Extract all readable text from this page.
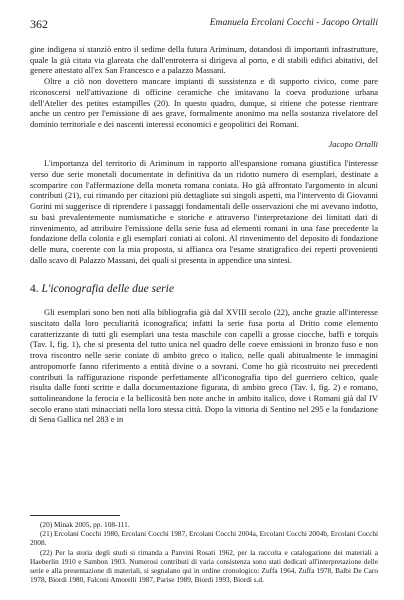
362	Emanuela Ercolani Cocchi - Jacopo Ortalli

gine indigena si stanziò entro il sedime della futura Ariminum, dotandosi di importanti infrastrutture, quale la già citata via glareata che dall'entroterra si dirigeva al porto, e di stabili edifici abitativi, del genere attestato all'ex San Francesco e a palazzo Massani.

Oltre a ciò non dovettero mancare impianti di sussistenza e di supporto civico, come pare riconoscersi nell'attivazione di officine ceramiche che imitavano la coeva produzione urbana dell'Atelier des petites estampilles (20). In questo quadro, dunque, si ritiene che potesse rientrare anche un centro per l'emissione di aes grave, formalmente anonimo ma nella sostanza rivelatore del dominio territoriale e dei nascenti interessi economici e geopolitici dei Romani.

Jacopo Ortalli

L'importanza del territorio di Ariminum in rapporto all'espansione romana giustifica l'interesse verso due serie monetali documentate in definitiva da un ridotto numero di esemplari, destinate a scomparire con l'affermazione della moneta romana coniata. Ho già affrontato l'argomento in alcuni contributi (21), cui rimando per citazioni più dettagliate sui singoli aspetti, ma l'intervento di Giovanni Gorini mi suggerisce di riprendere i passaggi fondamentali delle osservazioni che mi avevano indotto, su basi prevalentemente numismatiche e storiche e attraverso l'interpretazione dei limitati dati di rinvenimento, ad attribuire l'emissione della serie fusa ad elementi romani in una fase precedente la fondazione della colonia e gli esemplari coniati ai coloni. Al rinvenimento del deposito di fondazione delle mura, coerente con la mia proposta, si affianca ora l'esame stratigrafico dei reperti provenienti dallo scavo di Palazzo Massani, dei quali si presenta in appendice una sintesi.

4. L'iconografia delle due serie

Gli esemplari sono ben noti alla bibliografia già dal XVIII secolo (22), anche grazie all'interesse suscitato dalla loro peculiarità iconografica; infatti la serie fusa porta al Dritto come elemento caratterizzante di tutti gli esemplari una testa maschile con capelli a grosse ciocche, baffi e torquis (Tav. I, fig. 1), che si presenta del tutto unica nel quadro delle coeve emissioni in bronzo fuso e non trova riscontro nelle serie coniate di ambito greco o italico, nelle quali abitualmente le immagini antropomorfe fanno riferimento a entità divine o a sovrani. Come ho già ricostruito nei precedenti contributi la raffigurazione risponde perfettamente all'iconografia tipo del guerriero celtico, quale risulta dalle fonti scritte e dalla documentazione figurata, di ambito greco (Tav. I, fig. 2) e romano, sottolineandone la ferocia e la bellicosità ben note anche in ambito italico, dove i Romani già dal IV secolo erano stati minacciati nella loro stessa città. Dopo la vittoria di Sentino nel 295 e la fondazione di Sena Gallica nel 283 e in

(20) Minak 2005, pp. 108-111.

(21) Ercolani Cocchi 1980, Ercolani Cocchi 1987, Ercolani Cocchi 2004a, Ercolani Cocchi 2004b, Ercolani Cocchi 2008.

(22) Per la storia degli studi si rimanda a Panvini Rosati 1962, per la raccolta e catalogazione dei materiali a Haeberlin 1910 e Sambon 1903. Numerosi contributi di varia consistenza sono stati dedicati all'interpretazione delle serie e alla presentazione di materiali, si segnalano qui in ordine cronologico: Zuffa 1964, Zuffa 1978, Balbi De Caro 1978, Biordi 1980, Falconi Amorelli 1987, Parise 1989, Biordi 1993, Biordi s.d.
